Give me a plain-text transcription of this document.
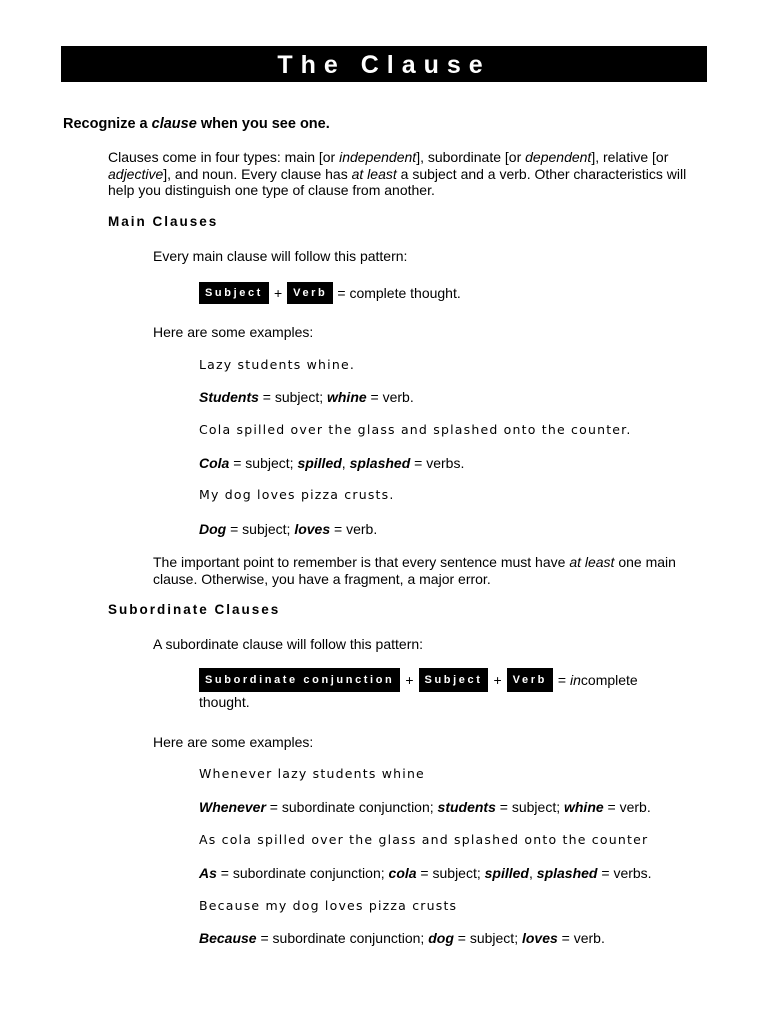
The Clause
Recognize a clause when you see one.
Clauses come in four types: main [or independent], subordinate [or dependent], relative [or
adjective], and noun. Every clause has at least a subject and a verb. Other characteristics will
help you distinguish one type of clause from another.
Main Clauses
Every main clause will follow this pattern:
Subject + Verb = complete thought.
Here are some examples:
Lazy students whine.
Students = subject; whine = verb.
Cola spilled over the glass and splashed onto the counter.
Cola = subject; spilled, splashed = verbs.
My dog loves pizza crusts.
Dog = subject; loves = verb.
The important point to remember is that every sentence must have at least one main
clause. Otherwise, you have a fragment, a major error.
Subordinate Clauses
A subordinate clause will follow this pattern:
Subordinate conjunction + Subject + Verb = incomplete
thought.
Here are some examples:
Whenever lazy students whine
Whenever = subordinate conjunction; students = subject; whine = verb.
As cola spilled over the glass and splashed onto the counter
As = subordinate conjunction; cola = subject; spilled, splashed = verbs.
Because my dog loves pizza crusts
Because = subordinate conjunction; dog = subject; loves = verb.
